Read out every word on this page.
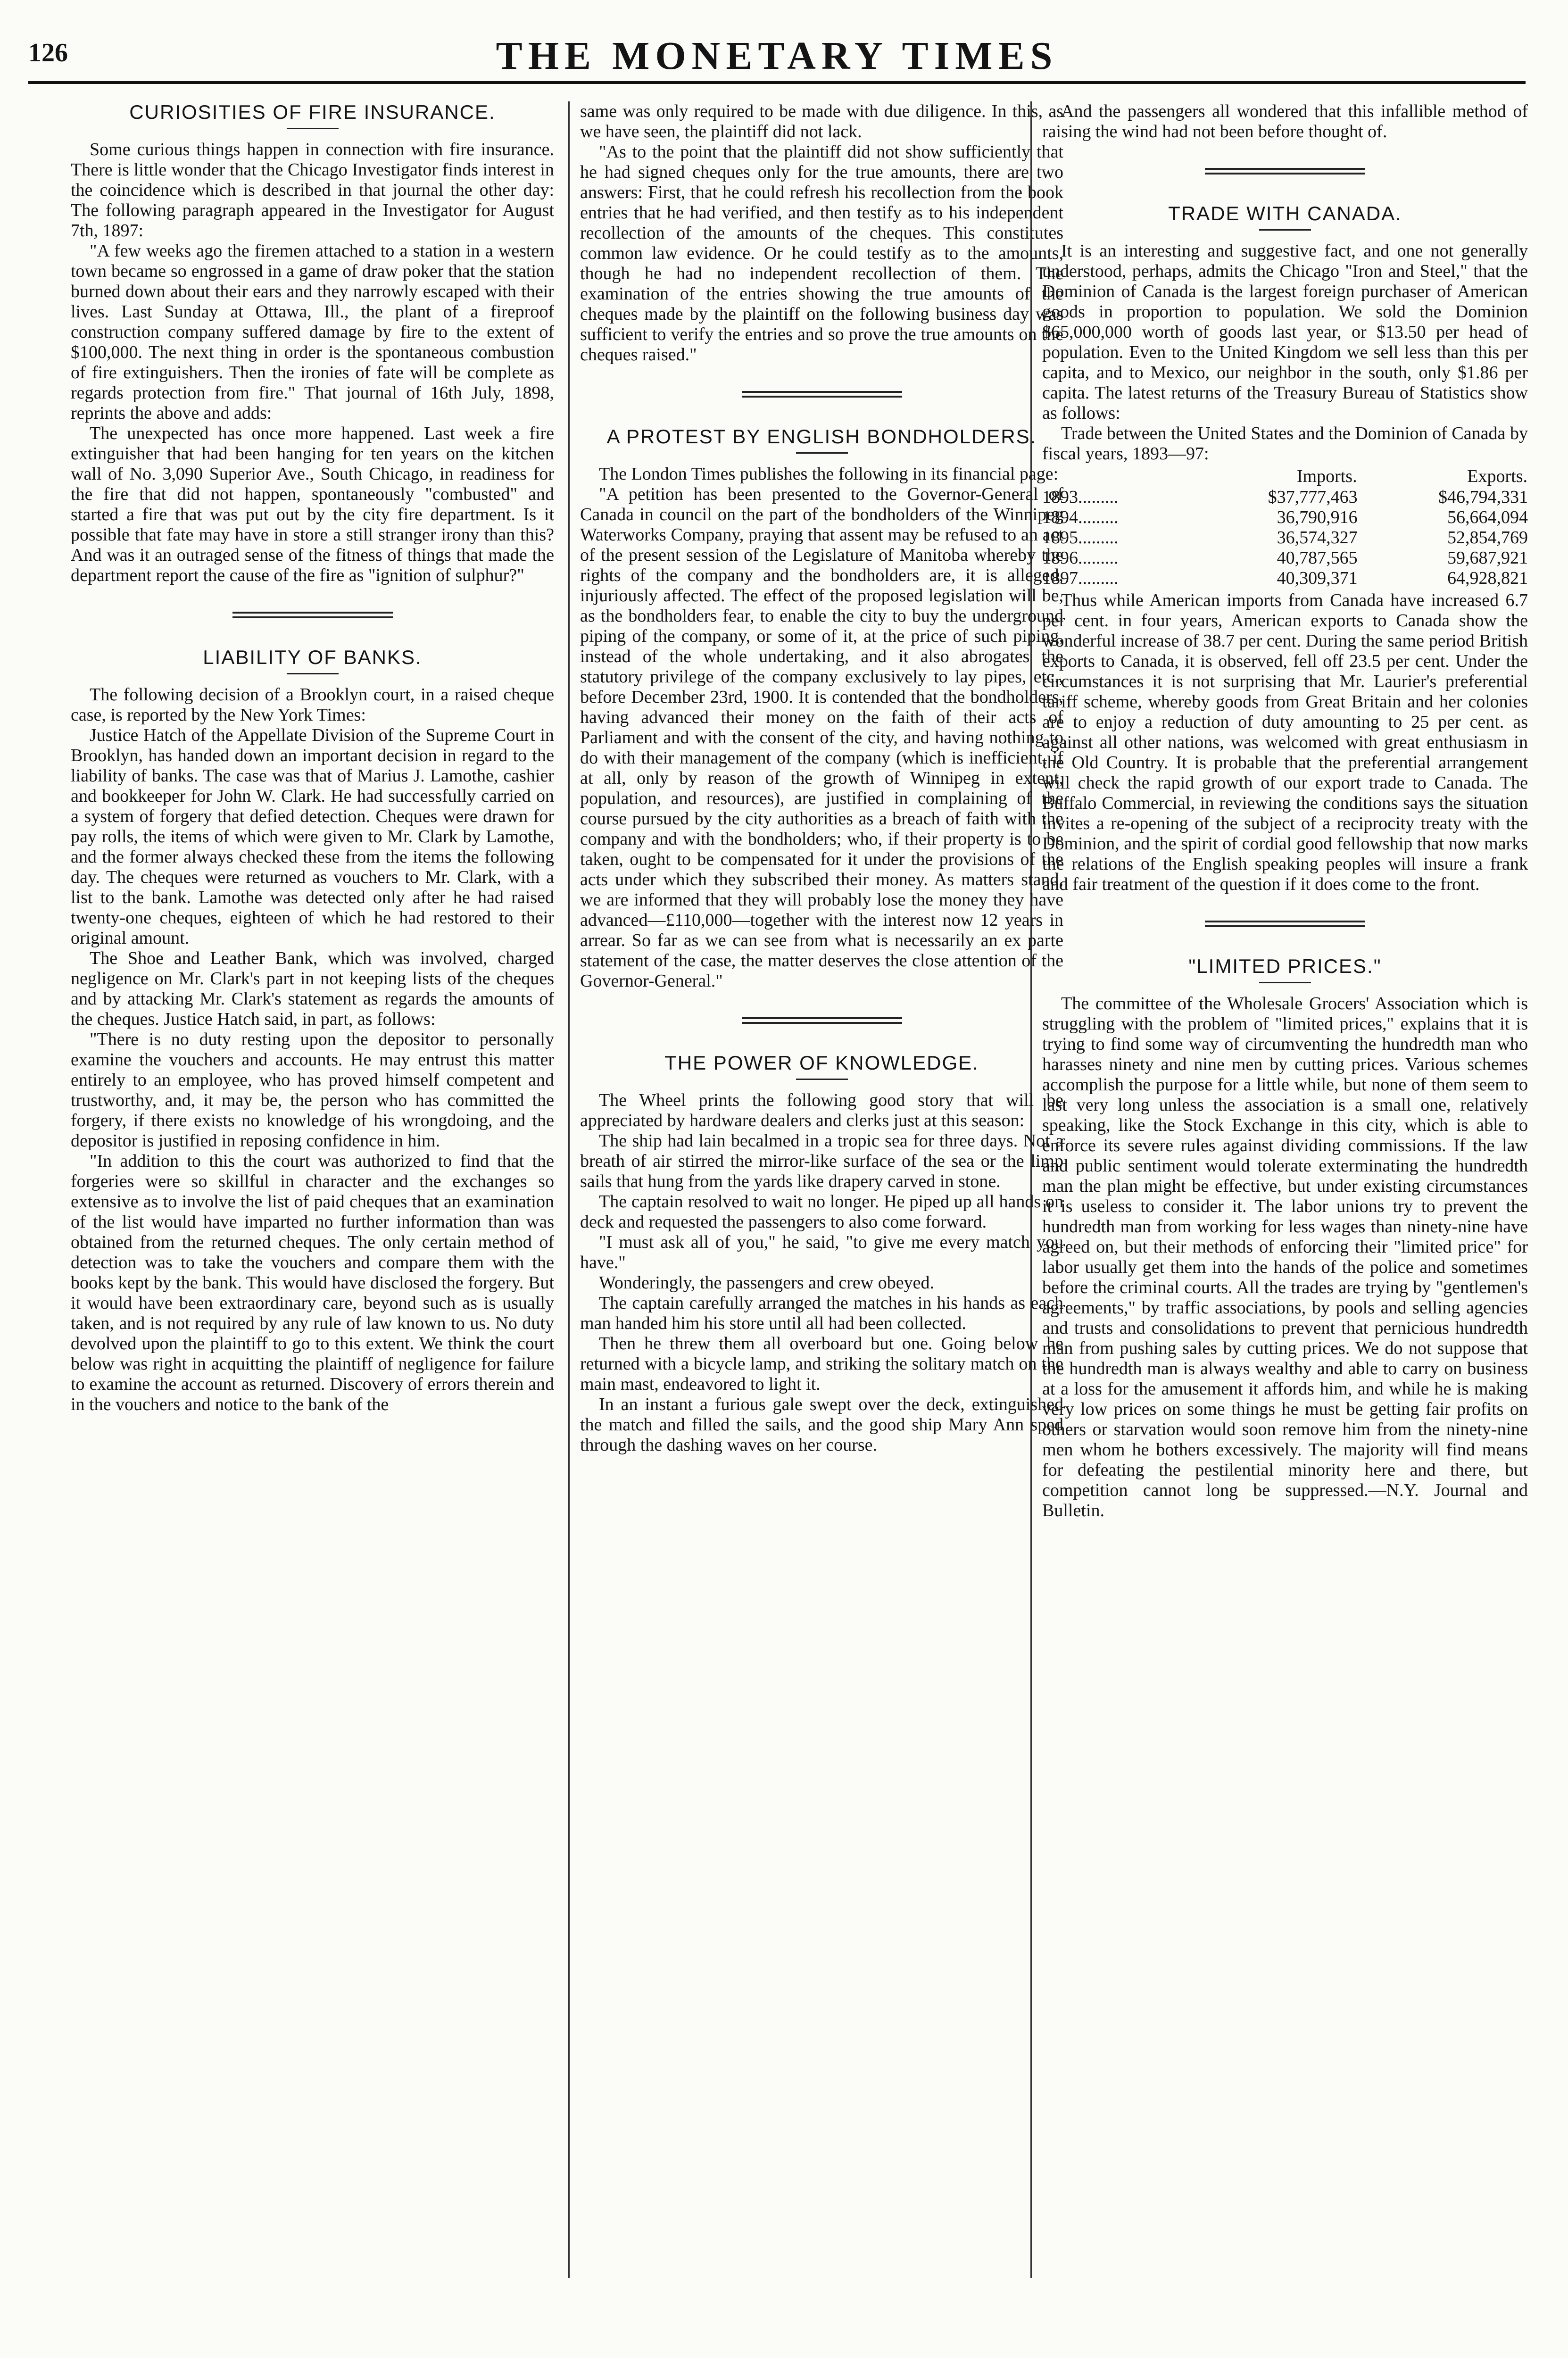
126	THE MONETARY TIMES
CURIOSITIES OF FIRE INSURANCE.

Some curious things happen in connection with fire insurance. There is little wonder that the Chicago Investigator finds interest in the coincidence which is described in that journal the other day: The following paragraph appeared in the Investigator for August 7th, 1897:

"A few weeks ago the firemen attached to a station in a western town became so engrossed in a game of draw poker that the station burned down about their ears and they narrowly escaped with their lives. Last Sunday at Ottawa, Ill., the plant of a fireproof construction company suffered damage by fire to the extent of $100,000. The next thing in order is the spontaneous combustion of fire extinguishers. Then the ironies of fate will be complete as regards protection from fire." That journal of 16th July, 1898, reprints the above and adds:

The unexpected has once more happened. Last week a fire extinguisher that had been hanging for ten years on the kitchen wall of No. 3,090 Superior Ave., South Chicago, in readiness for the fire that did not happen, spontaneously "combusted" and started a fire that was put out by the city fire department. Is it possible that fate may have in store a still stranger irony than this? And was it an outraged sense of the fitness of things that made the department report the cause of the fire as "ignition of sulphur?"

LIABILITY OF BANKS.

The following decision of a Brooklyn court, in a raised cheque case, is reported by the New York Times:

Justice Hatch of the Appellate Division of the Supreme Court in Brooklyn, has handed down an important decision in regard to the liability of banks. The case was that of Marius J. Lamothe, cashier and bookkeeper for John W. Clark. He had successfully carried on a system of forgery that defied detection. Cheques were drawn for pay rolls, the items of which were given to Mr. Clark by Lamothe, and the former always checked these from the items the following day. The cheques were returned as vouchers to Mr. Clark, with a list to the bank. Lamothe was detected only after he had raised twenty-one cheques, eighteen of which he had restored to their original amount.

The Shoe and Leather Bank, which was involved, charged negligence on Mr. Clark's part in not keeping lists of the cheques and by attacking Mr. Clark's statement as regards the amounts of the cheques. Justice Hatch said, in part, as follows:

"There is no duty resting upon the depositor to personally examine the vouchers and accounts. He may entrust this matter entirely to an employee, who has proved himself competent and trustworthy, and, it may be, the person who has committed the forgery, if there exists no knowledge of his wrongdoing, and the depositor is justified in reposing confidence in him.

"In addition to this the court was authorized to find that the forgeries were so skillful in character and the exchanges so extensive as to involve the list of paid cheques that an examination of the list would have imparted no further information than was obtained from the returned cheques. The only certain method of detection was to take the vouchers and compare them with the books kept by the bank. This would have disclosed the forgery. But it would have been extraordinary care, beyond such as is usually taken, and is not required by any rule of law known to us. No duty devolved upon the plaintiff to go to this extent. We think the court below was right in acquitting the plaintiff of negligence for failure to examine the account as returned. Discovery of errors therein and in the vouchers and notice to the bank of the

same was only required to be made with due diligence. In this, as we have seen, the plaintiff did not lack.

"As to the point that the plaintiff did not show sufficiently that he had signed cheques only for the true amounts, there are two answers: First, that he could refresh his recollection from the book entries that he had verified, and then testify as to his independent recollection of the amounts of the cheques. This constitutes common law evidence. Or he could testify as to the amounts, though he had no independent recollection of them. The examination of the entries showing the true amounts of the cheques made by the plaintiff on the following business day was sufficient to verify the entries and so prove the true amounts on the cheques raised."

A PROTEST BY ENGLISH BONDHOLDERS.

The London Times publishes the following in its financial page:

"A petition has been presented to the Governor-General of Canada in council on the part of the bondholders of the Winnipeg Waterworks Company, praying that assent may be refused to an act of the present session of the Legislature of Manitoba whereby the rights of the company and the bondholders are, it is alleged, injuriously affected. The effect of the proposed legislation will be, as the bondholders fear, to enable the city to buy the underground piping of the company, or some of it, at the price of such piping, instead of the whole undertaking, and it also abrogates the statutory privilege of the company exclusively to lay pipes, etc., before December 23rd, 1900. It is contended that the bondholders, having advanced their money on the faith of their acts of Parliament and with the consent of the city, and having nothing to do with their management of the company (which is inefficient, if at all, only by reason of the growth of Winnipeg in extent, population, and resources), are justified in complaining of the course pursued by the city authorities as a breach of faith with the company and with the bondholders; who, if their property is to be taken, ought to be compensated for it under the provisions of the acts under which they subscribed their money. As matters stand, we are informed that they will probably lose the money they have advanced—£110,000—together with the interest now 12 years in arrear. So far as we can see from what is necessarily an ex parte statement of the case, the matter deserves the close attention of the Governor-General."

THE POWER OF KNOWLEDGE.

The Wheel prints the following good story that will be appreciated by hardware dealers and clerks just at this season:

The ship had lain becalmed in a tropic sea for three days. Not a breath of air stirred the mirror-like surface of the sea or the limp sails that hung from the yards like drapery carved in stone.

The captain resolved to wait no longer. He piped up all hands on deck and requested the passengers to also come forward.

"I must ask all of you," he said, "to give me every match you have."

Wonderingly, the passengers and crew obeyed.

The captain carefully arranged the matches in his hands as each man handed him his store until all had been collected.

Then he threw them all overboard but one. Going below he returned with a bicycle lamp, and striking the solitary match on the main mast, endeavored to light it.

In an instant a furious gale swept over the deck, extinguished the match and filled the sails, and the good ship Mary Ann sped through the dashing waves on her course.

And the passengers all wondered that this infallible method of raising the wind had not been before thought of.

TRADE WITH CANADA.

It is an interesting and suggestive fact, and one not generally understood, perhaps, admits the Chicago "Iron and Steel," that the Dominion of Canada is the largest foreign purchaser of American goods in proportion to population. We sold the Dominion $65,000,000 worth of goods last year, or $13.50 per head of population. Even to the United Kingdom we sell less than this per capita, and to Mexico, our neighbor in the south, only $1.86 per capita. The latest returns of the Treasury Bureau of Statistics show as follows:

Trade between the United States and the Dominion of Canada by fiscal years, 1893—97:

	Imports.	Exports.
1893.........	$37,777,463	$46,794,331
1894.........	36,790,916	56,664,094
1895.........	36,574,327	52,854,769
1896.........	40,787,565	59,687,921
1897.........	40,309,371	64,928,821

Thus while American imports from Canada have increased 6.7 per cent. in four years, American exports to Canada show the wonderful increase of 38.7 per cent. During the same period British exports to Canada, it is observed, fell off 23.5 per cent. Under the circumstances it is not surprising that Mr. Laurier's preferential tariff scheme, whereby goods from Great Britain and her colonies are to enjoy a reduction of duty amounting to 25 per cent. as against all other nations, was welcomed with great enthusiasm in the Old Country. It is probable that the preferential arrangement will check the rapid growth of our export trade to Canada. The Buffalo Commercial, in reviewing the conditions says the situation invites a re-opening of the subject of a reciprocity treaty with the Dominion, and the spirit of cordial good fellowship that now marks the relations of the English speaking peoples will insure a frank and fair treatment of the question if it does come to the front.

"LIMITED PRICES."

The committee of the Wholesale Grocers' Association which is struggling with the problem of "limited prices," explains that it is trying to find some way of circumventing the hundredth man who harasses ninety and nine men by cutting prices. Various schemes accomplish the purpose for a little while, but none of them seem to last very long unless the association is a small one, relatively speaking, like the Stock Exchange in this city, which is able to enforce its severe rules against dividing commissions. If the law and public sentiment would tolerate exterminating the hundredth man the plan might be effective, but under existing circumstances it is useless to consider it. The labor unions try to prevent the hundredth man from working for less wages than ninety-nine have agreed on, but their methods of enforcing their "limited price" for labor usually get them into the hands of the police and sometimes before the criminal courts. All the trades are trying by "gentlemen's agreements," by traffic associations, by pools and selling agencies and trusts and consolidations to prevent that pernicious hundredth man from pushing sales by cutting prices. We do not suppose that the hundredth man is always wealthy and able to carry on business at a loss for the amusement it affords him, and while he is making very low prices on some things he must be getting fair profits on others or starvation would soon remove him from the ninety-nine men whom he bothers excessively. The majority will find means for defeating the pestilential minority here and there, but competition cannot long be suppressed.—N.Y. Journal and Bulletin.
